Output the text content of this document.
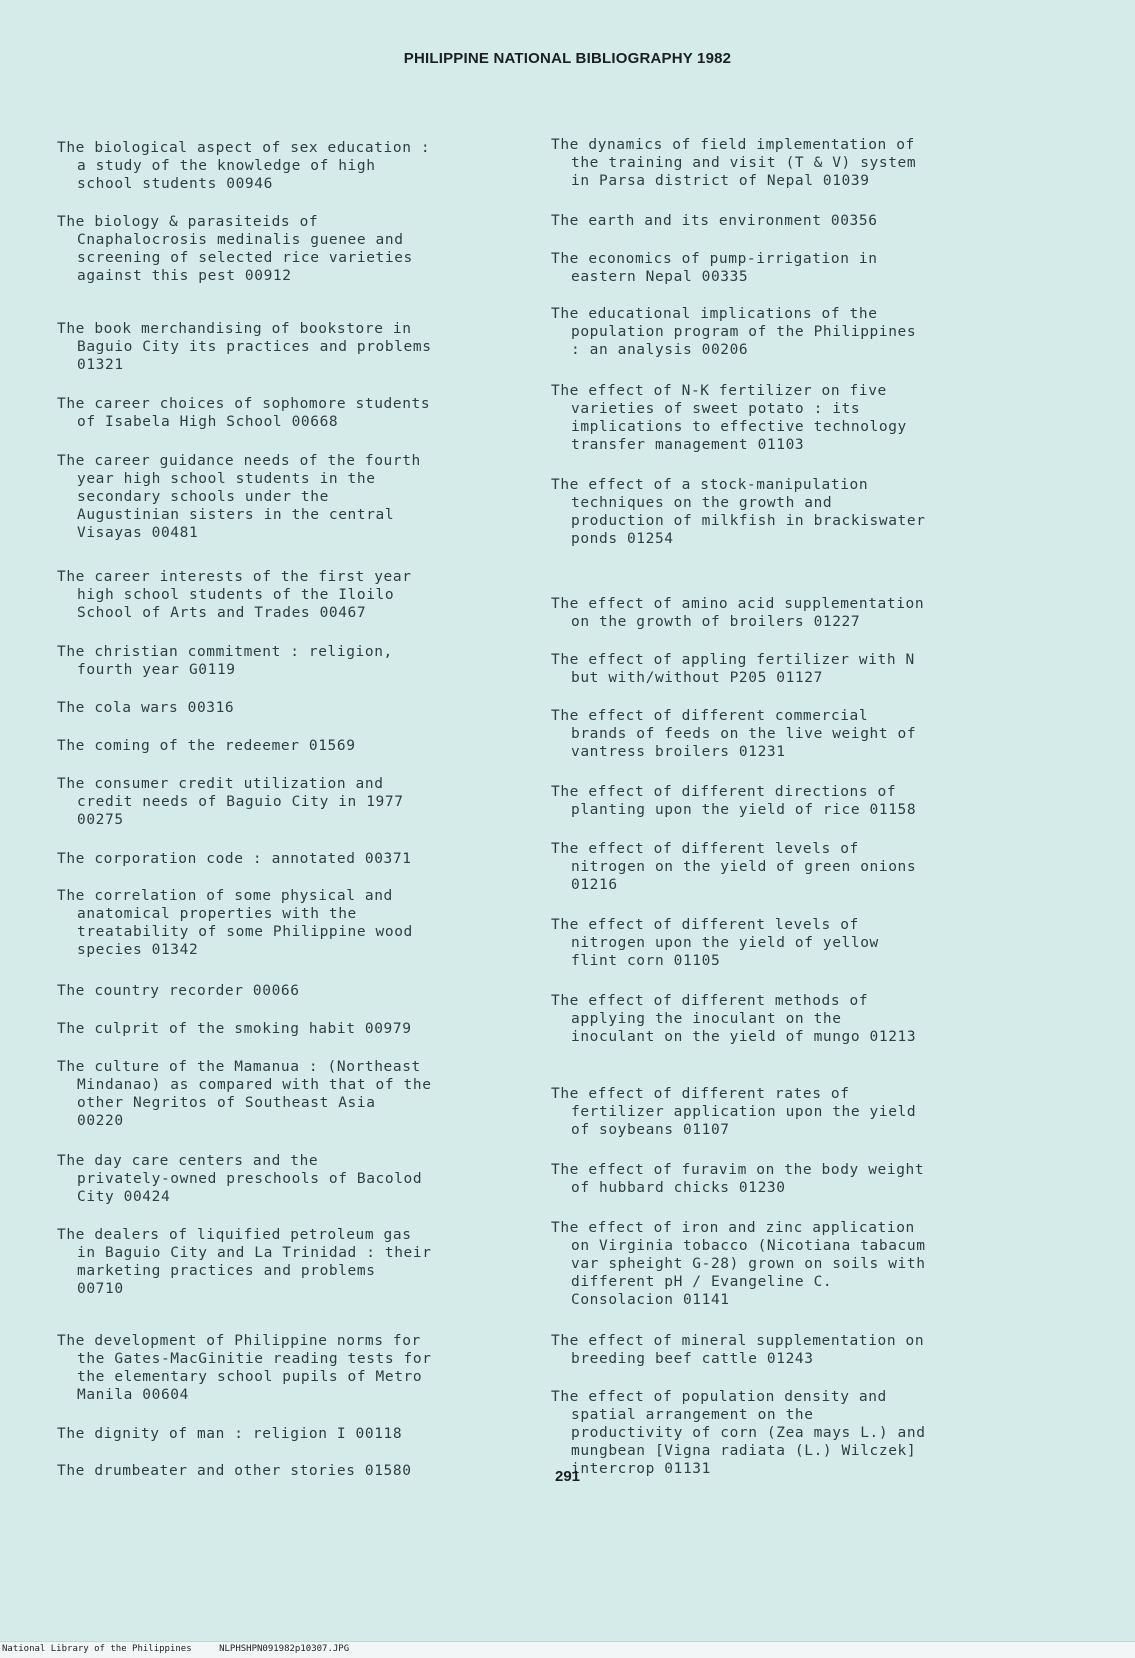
PHILIPPINE NATIONAL BIBLIOGRAPHY 1982
The biological aspect of sex education :
a study of the knowledge of high
school students 00946
The biology & parasiteids of
Cnaphalocrosis medinalis guenee and
screening of selected rice varieties
against this pest 00912
The book merchandising of bookstore in
Baguio City its practices and problems
01321
The career choices of sophomore students
of Isabela High School 00668
The career guidance needs of the fourth
year high school students in the
secondary schools under the
Augustinian sisters in the central
Visayas 00481
The career interests of the first year
high school students of the Iloilo
School of Arts and Trades 00467
The christian commitment : religion,
fourth year G0119
The cola wars 00316
The coming of the redeemer 01569
The consumer credit utilization and
credit needs of Baguio City in 1977
00275
The corporation code : annotated 00371
The correlation of some physical and
anatomical properties with the
treatability of some Philippine wood
species 01342
The country recorder 00066
The culprit of the smoking habit 00979
The culture of the Mamanua : (Northeast
Mindanao) as compared with that of the
other Negritos of Southeast Asia
00220
The day care centers and the
privately-owned preschools of Bacolod
City 00424
The dealers of liquified petroleum gas
in Baguio City and La Trinidad : their
marketing practices and problems
00710
The development of Philippine norms for
the Gates-MacGinitie reading tests for
the elementary school pupils of Metro
Manila 00604
The dignity of man : religion I 00118
The drumbeater and other stories 01580
The dynamics of field implementation of
the training and visit (T & V) system
in Parsa district of Nepal 01039
The earth and its environment 00356
The economics of pump-irrigation in
eastern Nepal 00335
The educational implications of the
population program of the Philippines
: an analysis 00206
The effect of N-K fertilizer on five
varieties of sweet potato : its
implications to effective technology
transfer management 01103
The effect of a stock-manipulation
techniques on the growth and
production of milkfish in brackiswater
ponds 01254
The effect of amino acid supplementation
on the growth of broilers 01227
The effect of appling fertilizer with N
but with/without P205 01127
The effect of different commercial
brands of feeds on the live weight of
vantress broilers 01231
The effect of different directions of
planting upon the yield of rice 01158
The effect of different levels of
nitrogen on the yield of green onions
01216
The effect of different levels of
nitrogen upon the yield of yellow
flint corn 01105
The effect of different methods of
applying the inoculant on the
inoculant on the yield of mungo 01213
The effect of different rates of
fertilizer application upon the yield
of soybeans 01107
The effect of furavim on the body weight
of hubbard chicks 01230
The effect of iron and zinc application
on Virginia tobacco (Nicotiana tabacum
var spheight G-28) grown on soils with
different pH / Evangeline C.
Consolacion 01141
The effect of mineral supplementation on
breeding beef cattle 01243
The effect of population density and
spatial arrangement on the
productivity of corn (Zea mays L.) and
mungbean [Vigna radiata (L.) Wilczek]
intercrop 01131
291
National Library of the Philippines	NLPHSHPN091982p10307.JPG
